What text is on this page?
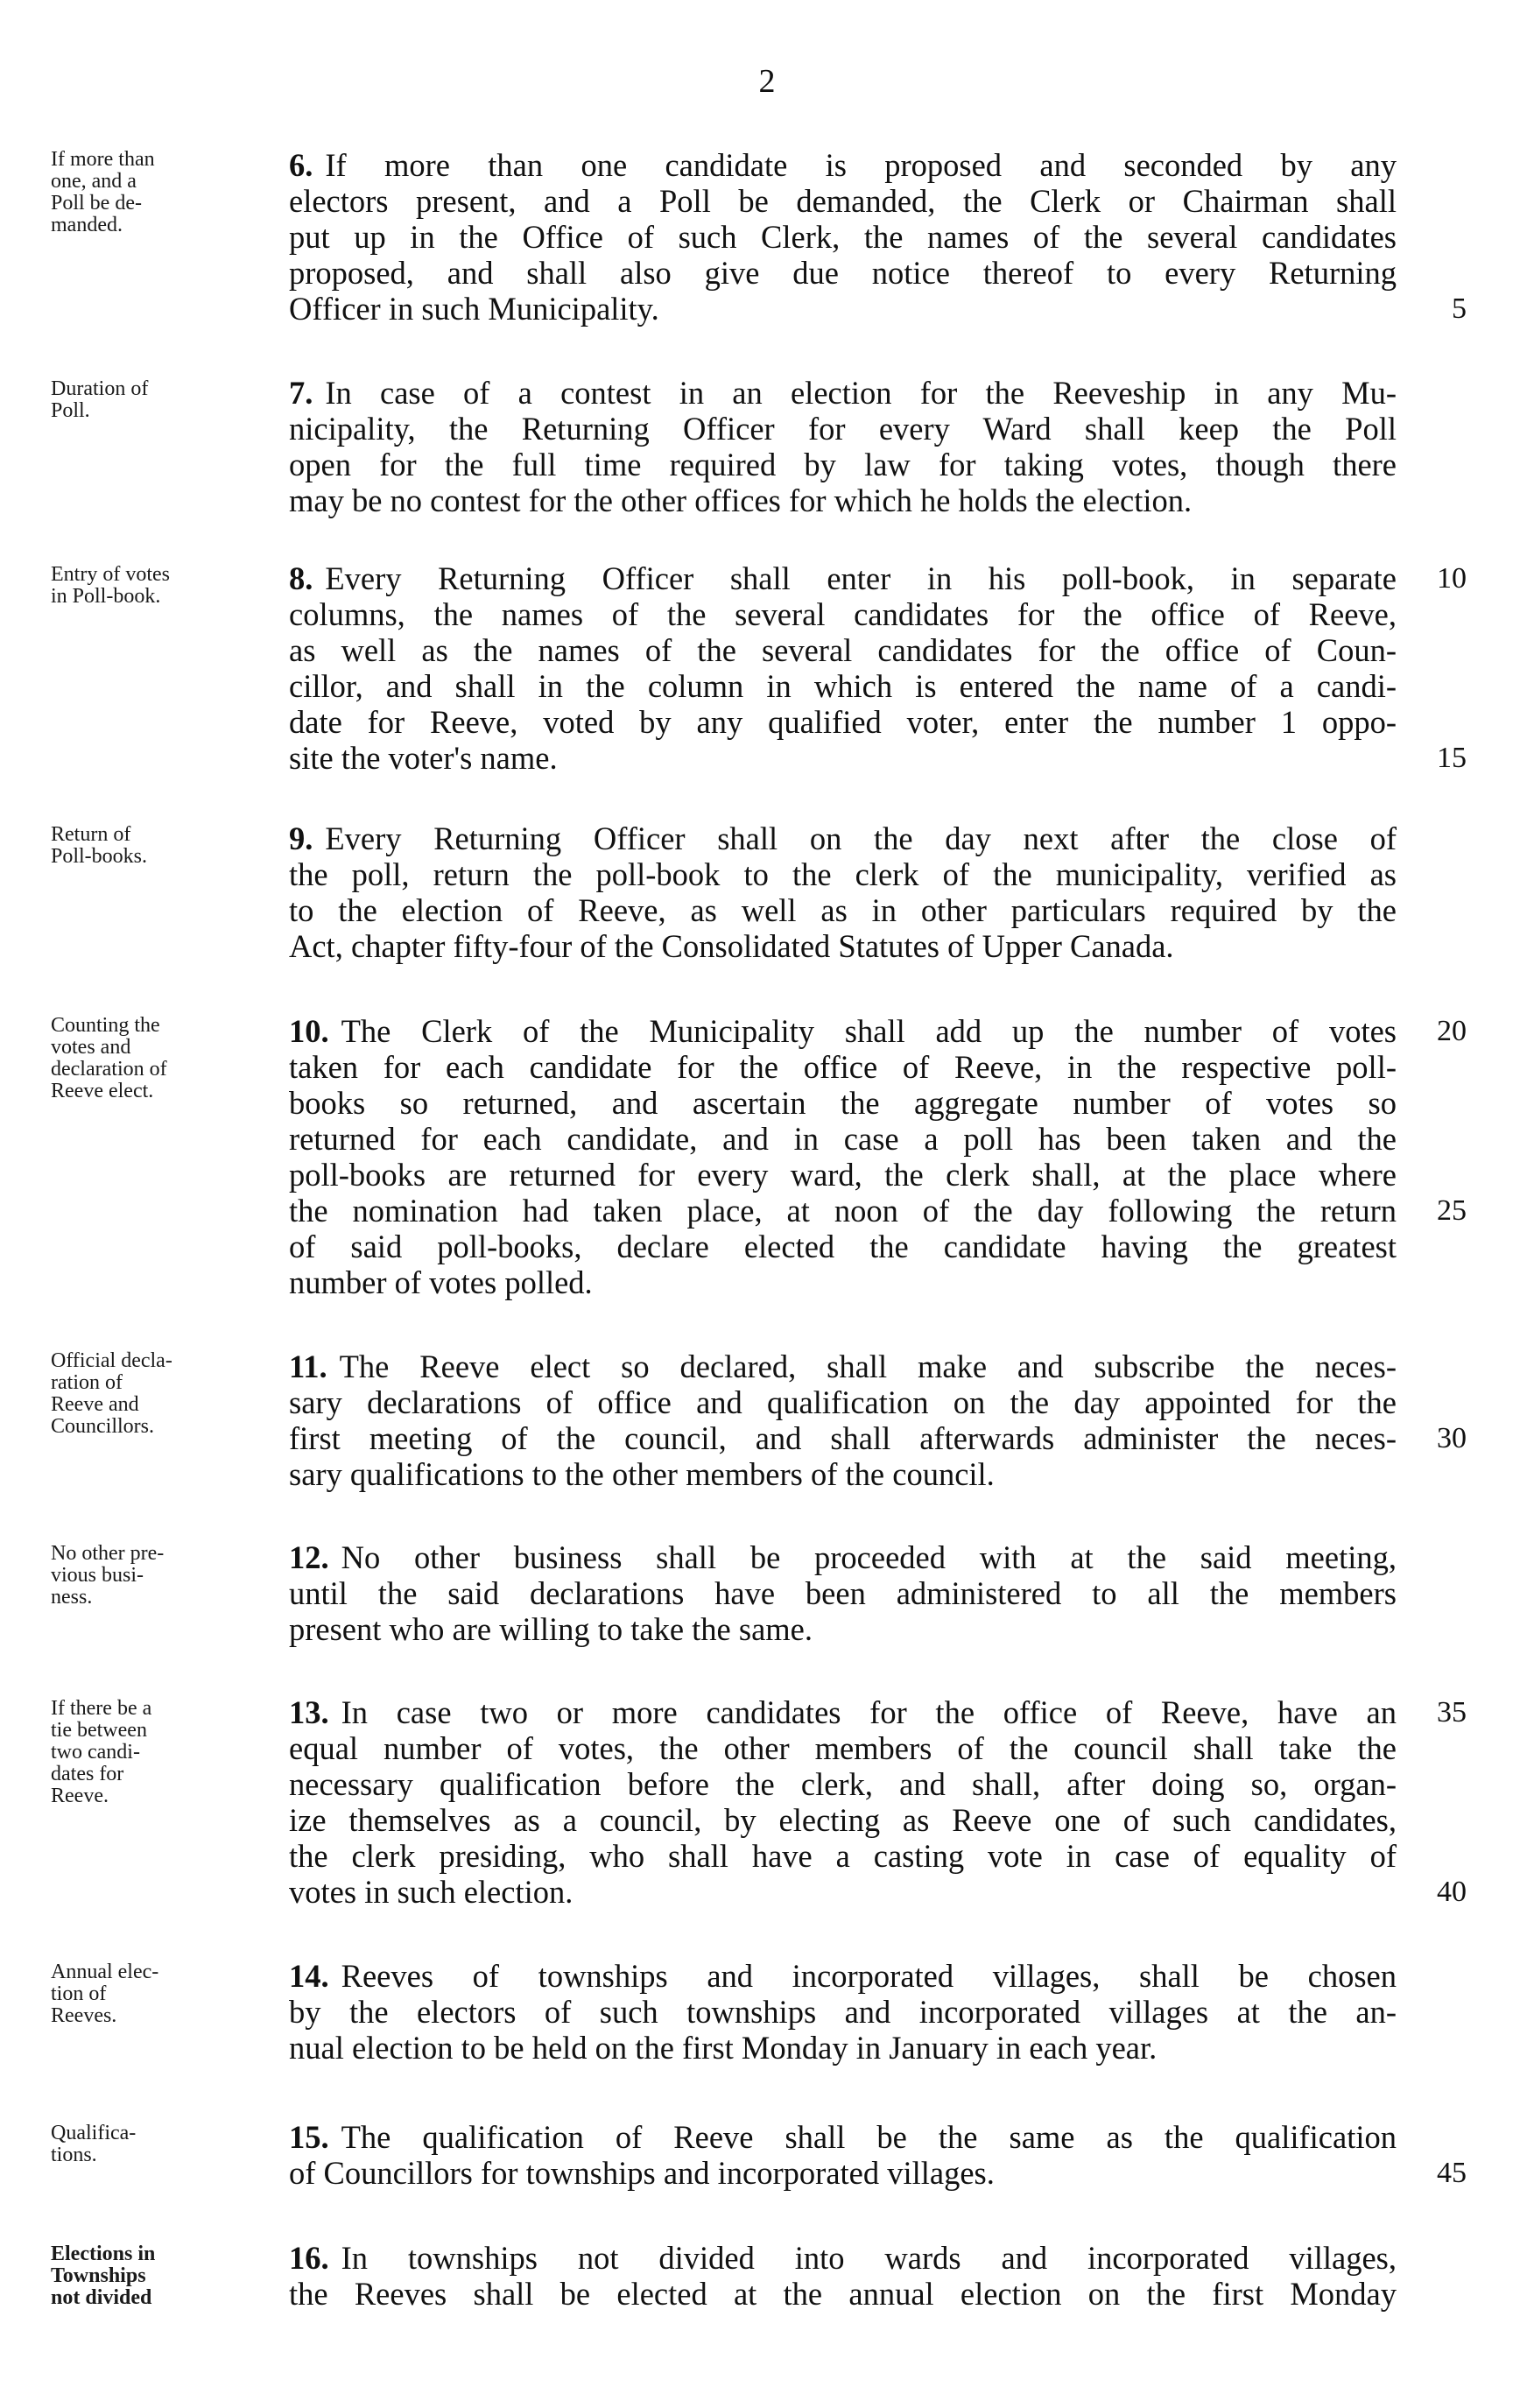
2
If more than
one, and a
Poll be de-
manded.
6. If more than one candidate is proposed and seconded by any
electors present, and a Poll be demanded, the Clerk or Chairman shall
put up in the Office of such Clerk, the names of the several candidates
proposed, and shall also give due notice thereof to every Returning
Officer in such Municipality.	5
Duration of
Poll.	7. In case of a contest in an election for the Reeveship in any Mu-
nicipality, the Returning Officer for every Ward shall keep the Poll
open for the full time required by law for taking votes, though there
may be no contest for the other offices for which he holds the election.
Entry of votes
in Poll-book.	8. Every Returning Officer shall enter in his poll-book, in separate
columns, the names of the several candidates for the office of Reeve,
as well as the names of the several candidates for the office of Coun-
cillor, and shall in the column in which is entered the name of a candi-
date for Reeve, voted by any qualified voter, enter the number 1 oppo-
site the voter's name.
10
15
Return of
Poll-books.	9. Every Returning Officer shall on the day next after the close of
the poll, return the poll-book to the clerk of the municipality, verified as
to the election of Reeve, as well as in other particulars required by the
Act, chapter fifty-four of the Consolidated Statutes of Upper Canada.
Counting the
votes and
declaration of
Reeve elect.
10. The Clerk of the Municipality shall add up the number of votes
taken for each candidate for the office of Reeve, in the respective poll-
books so returned, and ascertain the aggregate number of votes so
returned for each candidate, and in case a poll has been taken and the
poll-books are returned for every ward, the clerk shall, at the place where
the nomination had taken place, at noon of the day following the return
of said poll-books, declare elected the candidate having the greatest
number of votes polled.
20
25
Official decla-
ration of
Reeve and
Councillors.
11. The Reeve elect so declared, shall make and subscribe the neces-
sary declarations of office and qualification on the day appointed for the
first meeting of the council, and shall afterwards administer the neces-
sary qualifications to the other members of the council.
30
No other pre-
vious busi-
ness.
12. No other business shall be proceeded with at the said meeting,
until the said declarations have been administered to all the members
present who are willing to take the same.
If there be a
tie between
two candi-
dates for
Reeve.
13. In case two or more candidates for the office of Reeve, have an
equal number of votes, the other members of the council shall take the
necessary qualification before the clerk, and shall, after doing so, organ-
ize themselves as a council, by electing as Reeve one of such candidates,
the clerk presiding, who shall have a casting vote in case of equality of
votes in such election.
35
40
Annual elec-
tion of
Reeves.
14. Reeves of townships and incorporated villages, shall be chosen
by the electors of such townships and incorporated villages at the an-
nual election to be held on the first Monday in January in each year.
Qualifica-
tions.	15. The qualification of Reeve shall be the same as the qualification
of Councillors for townships and incorporated villages.	45
Elections in
Townships
not divided
16. In townships not divided into wards and incorporated villages,
the Reeves shall be elected at the annual election on the first Monday
